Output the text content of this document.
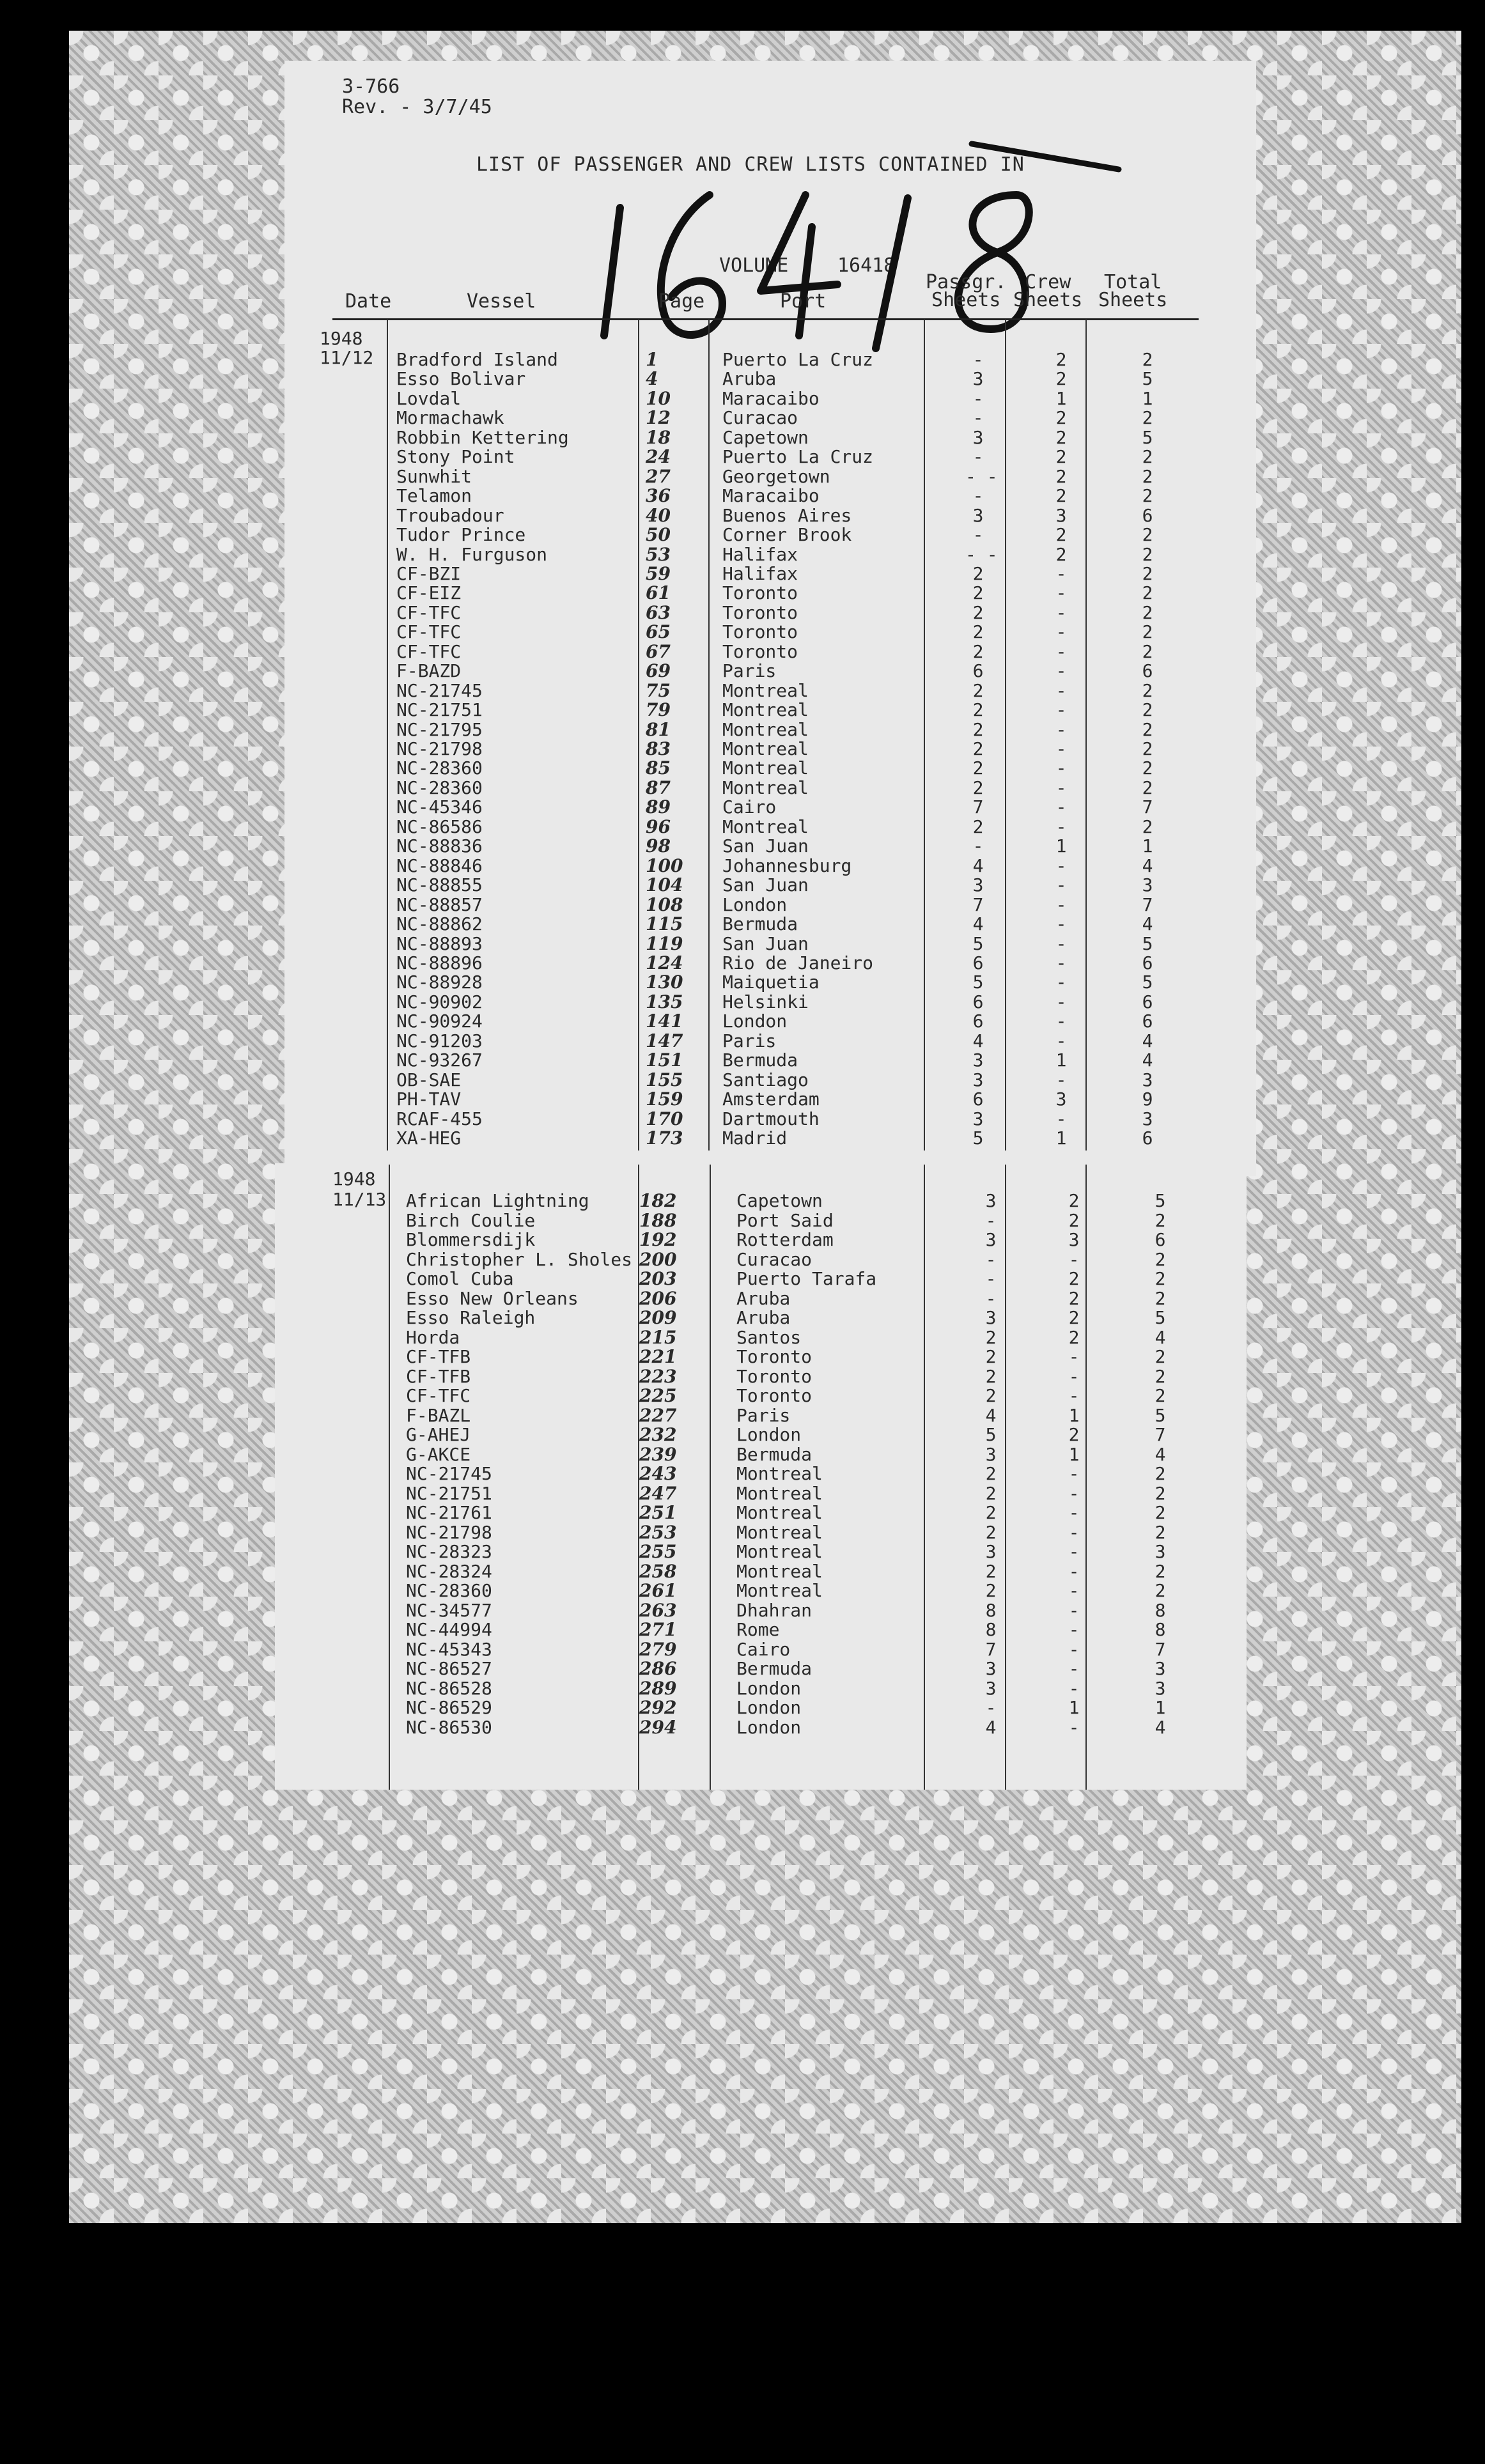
3-766
Rev. - 3/7/45
LIST OF PASSENGER AND CREW LISTS CONTAINED IN
VOLUME	16418
Date	Vessel	Page	Port
Passgr.
Sheets
Crew
Sheets
Total
Sheets
1948
11/12 Bradford Island	1	Puerto La Cruz	-	2	2
Esso Bolivar	4	Aruba	3	2	5
Lovdal	10	Maracaibo	-	1	1
Mormachawk	12	Curacao	-	2	2
Robbin Kettering	18	Capetown	3	2	5
Stony Point	24	Puerto La Cruz	-	2	2
Sunwhit	27	Georgetown	- -	2	2
Telamon	36	Maracaibo	-	2	2
Troubadour	40	Buenos Aires	3	3	6
Tudor Prince	50	Corner Brook	-	2	2
W. H. Furguson	53	Halifax	- -	2	2
CF-BZI	59	Halifax	2	-	2
CF-EIZ	61	Toronto	2	-	2
CF-TFC	63	Toronto	2	-	2
CF-TFC	65	Toronto	2	-	2
CF-TFC	67	Toronto	2	-	2
F-BAZD	69	Paris	6	-	6
NC-21745	75	Montreal	2	-	2
NC-21751	79	Montreal	2	-	2
NC-21795	81	Montreal	2	-	2
NC-21798	83	Montreal	2	-	2
NC-28360	85	Montreal	2	-	2
NC-28360	87	Montreal	2	-	2
NC-45346	89	Cairo	7	-	7
NC-86586	96	Montreal	2	-	2
NC-88836	98	San Juan	-	1	1
NC-88846	100 Johannesburg	4	-	4
NC-88855	104 San Juan	3	-	3
NC-88857	108 London	7	-	7
NC-88862	115 Bermuda	4	-	4
NC-88893	119 San Juan	5	-	5
NC-88896	124 Rio de Janeiro	6	-	6
NC-88928	130 Maiquetia	5	-	5
NC-90902	135 Helsinki	6	-	6
NC-90924	141 London	6	-	6
NC-91203	147 Paris	4	-	4
NC-93267	151 Bermuda	3	1	4
OB-SAE	155 Santiago	3	-	3
PH-TAV	159 Amsterdam	6	3	9
RCAF-455	170 Dartmouth	3	-	3
XA-HEG	173 Madrid	5	1	6
1948
11/13 African Lightning	182	Capetown	3	2	5
Birch Coulie	188	Port Said	-	2	2
Blommersdijk	192	Rotterdam	3	3	6
Christopher L. Sholes 200	Curacao	-	-	2
Comol Cuba	203	Puerto Tarafa	-	2	2
Esso New Orleans	206	Aruba	-	2	2
Esso Raleigh	209	Aruba	3	2	5
Horda	215	Santos	2	2	4
CF-TFB	221	Toronto	2	-	2
CF-TFB	223	Toronto	2	-	2
CF-TFC	225	Toronto	2	-	2
F-BAZL	227	Paris	4	1	5
G-AHEJ	232	London	5	2	7
G-AKCE	239	Bermuda	3	1	4
NC-21745	243	Montreal	2	-	2
NC-21751	247	Montreal	2	-	2
NC-21761	251	Montreal	2	-	2
NC-21798	253	Montreal	2	-	2
NC-28323	255	Montreal	3	-	3
NC-28324	258	Montreal	2	-	2
NC-28360	261	Montreal	2	-	2
NC-34577	263	Dhahran	8	-	8
NC-44994	271	Rome	8	-	8
NC-45343	279	Cairo	7	-	7
NC-86527	286	Bermuda	3	-	3
NC-86528	289	London	3	-	3
NC-86529	292	London	-	1	1
NC-86530	294	London	4	-	4
